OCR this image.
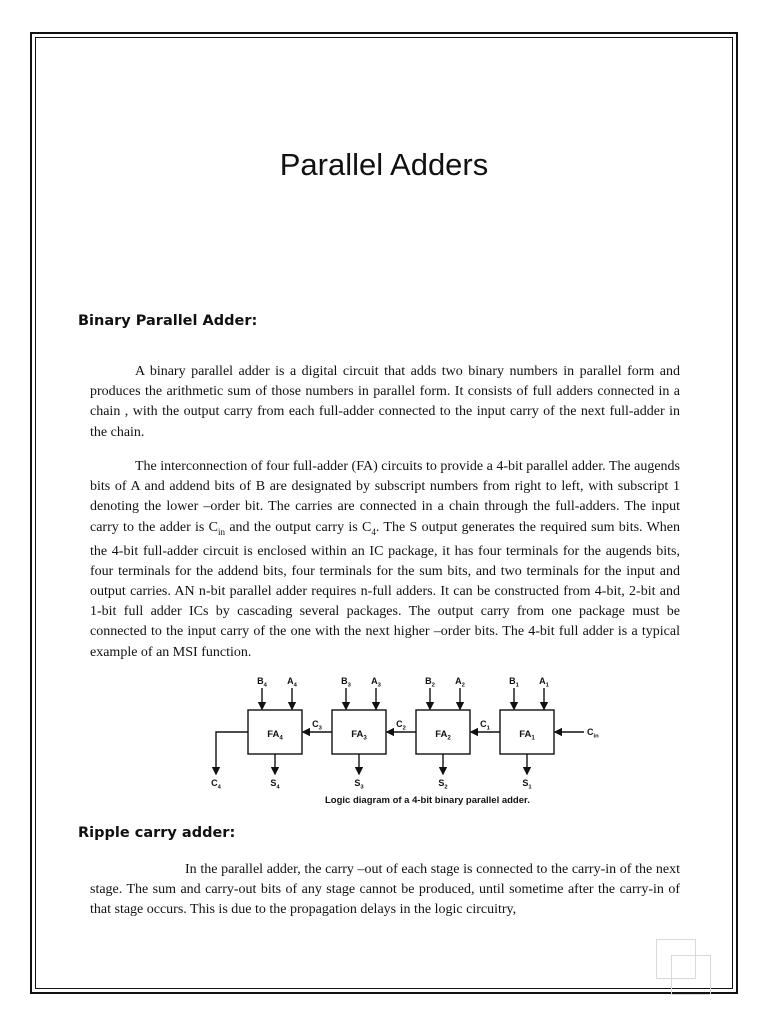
Parallel Adders
Binary Parallel Adder:
A binary parallel adder is a digital circuit that adds two binary numbers in parallel form and produces the arithmetic sum of those numbers in parallel form. It consists of full adders connected in a chain , with the output carry from each full-adder connected to the input carry of the next full-adder in the chain.
The interconnection of four full-adder (FA) circuits to provide a 4-bit parallel adder. The augends bits of A and addend bits of B are designated by subscript numbers from right to left, with subscript 1 denoting the lower –order bit. The carries are connected in a chain through the full-adders. The input carry to the adder is $C_{in}$ and the output carry is $C_4$. The S output generates the required sum bits. When the 4-bit full-adder circuit is enclosed within an IC package, it has four terminals for the augends bits, four terminals for the addend bits, four terminals for the sum bits, and two terminals for the input and output carries. AN n-bit parallel adder requires n-full adders. It can be constructed from 4-bit, 2-bit and 1-bit full adder ICs by cascading several packages. The output carry from one package must be connected to the input carry of the one with the next higher –order bits. The 4-bit full adder is a typical example of an MSI function.
$FA_4$
$B_4$ $A_4$
$S_4$
$FA_3$
$B_3$ $A_3$
$S_3$
$FA_2$
$B_2$ $A_2$
$S_2$
$FA_1$
$B_1$ $A_1$
$S_1$
$C_3$	$C_2$	$C_1$	$C_{in}$
$C_4$
Logic diagram of a 4-bit binary parallel adder.
Ripple carry adder:
In the parallel adder, the carry –out of each stage is connected to the carry-in of the next stage. The sum and carry-out bits of any stage cannot be produced, until sometime after the carry-in of that stage occurs. This is due to the propagation delays in the logic circuitry,
